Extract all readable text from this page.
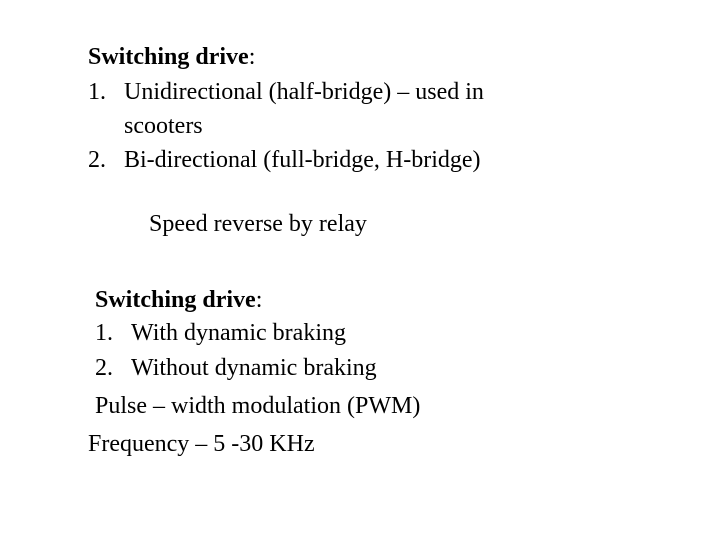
Switching drive:
1. Unidirectional (half-bridge) – used in
scooters
2. Bi-directional (full-bridge, H-bridge)
Speed reverse by relay
Switching drive:
1. With dynamic braking
2. Without dynamic braking
Pulse – width modulation (PWM)
Frequency – 5 -30 KHz
